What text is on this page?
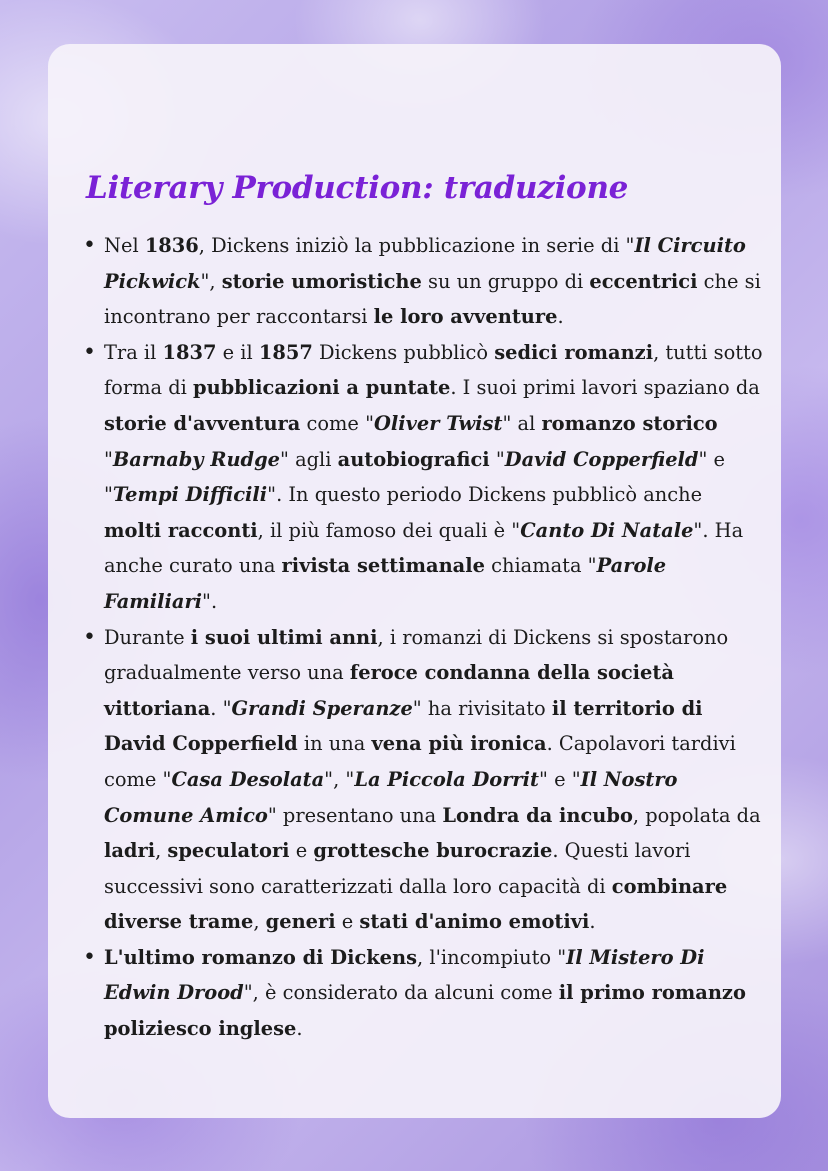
Literary Production: traduzione
• Nel 1836, Dickens iniziò la pubblicazione in serie di "Il Circuito Pickwick", storie umoristiche su un gruppo di eccentrici che si incontrano per raccontarsi le loro avventure.
• Tra il 1837 e il 1857 Dickens pubblicò sedici romanzi, tutti sotto forma di pubblicazioni a puntate. I suoi primi lavori spaziano da storie d'avventura come "Oliver Twist" al romanzo storico "Barnaby Rudge" agli autobiografici "David Copperfield" e "Tempi Difficili". In questo periodo Dickens pubblicò anche molti racconti, il più famoso dei quali è "Canto Di Natale". Ha anche curato una rivista settimanale chiamata "Parole Familiari".
• Durante i suoi ultimi anni, i romanzi di Dickens si spostarono gradualmente verso una feroce condanna della società vittoriana. "Grandi Speranze" ha rivisitato il territorio di David Copperfield in una vena più ironica. Capolavori tardivi come "Casa Desolata", "La Piccola Dorrit" e "Il Nostro Comune Amico" presentano una Londra da incubo, popolata da ladri, speculatori e grottesche burocrazie. Questi lavori successivi sono caratterizzati dalla loro capacità di combinare diverse trame, generi e stati d'animo emotivi.
• L'ultimo romanzo di Dickens, l'incompiuto "Il Mistero Di Edwin Drood", è considerato da alcuni come il primo romanzo poliziesco inglese.
